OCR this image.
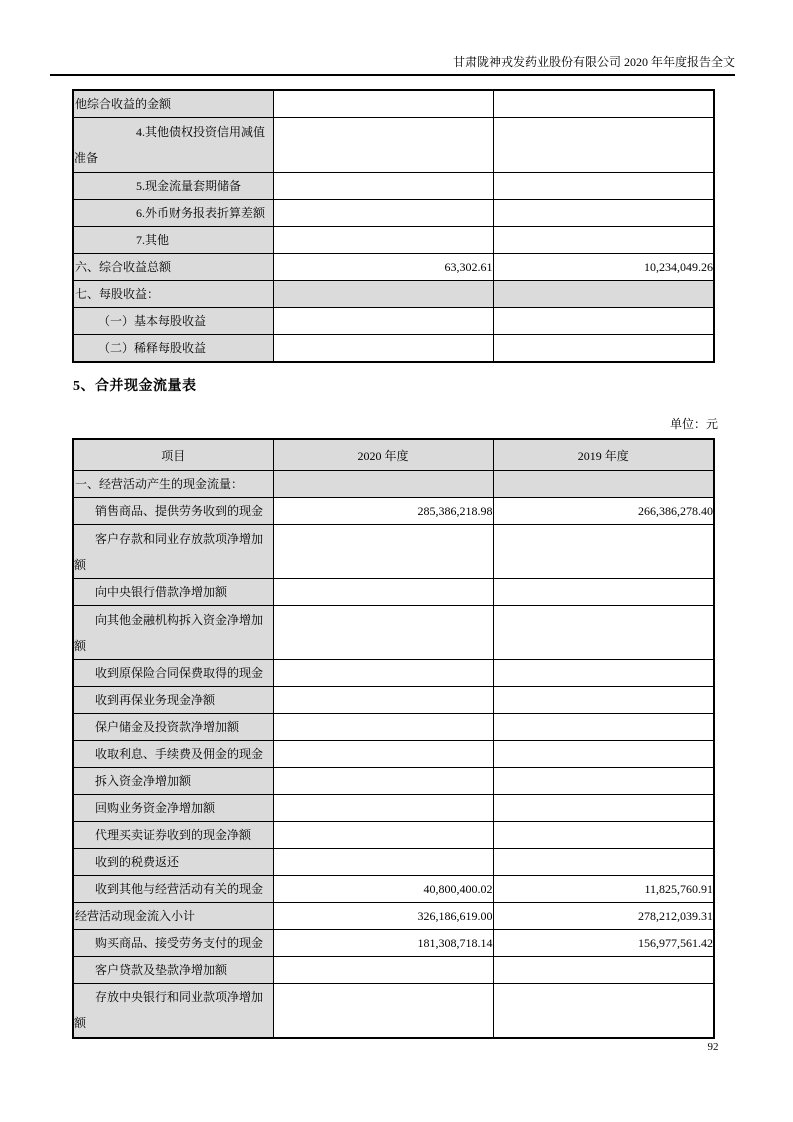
甘肃陇神戎发药业股份有限公司 2020 年年度报告全文
他综合收益的金额		
4.其他债权投资信用减值准备		
5.现金流量套期储备		
6.外币财务报表折算差额		
7.其他		
六、综合收益总额	63,302.61	10,234,049.26
七、每股收益：		
（一）基本每股收益		
（二）稀释每股收益		
5、合并现金流量表
单位：元
项目	2020 年度	2019 年度
一、经营活动产生的现金流量：		
销售商品、提供劳务收到的现金	285,386,218.98	266,386,278.40
客户存款和同业存放款项净增加额		
向中央银行借款净增加额		
向其他金融机构拆入资金净增加额		
收到原保险合同保费取得的现金		
收到再保业务现金净额		
保户储金及投资款净增加额		
收取利息、手续费及佣金的现金		
拆入资金净增加额		
回购业务资金净增加额		
代理买卖证券收到的现金净额		
收到的税费返还		
收到其他与经营活动有关的现金	40,800,400.02	11,825,760.91
经营活动现金流入小计	326,186,619.00	278,212,039.31
购买商品、接受劳务支付的现金	181,308,718.14	156,977,561.42
客户贷款及垫款净增加额		
存放中央银行和同业款项净增加额		
92
